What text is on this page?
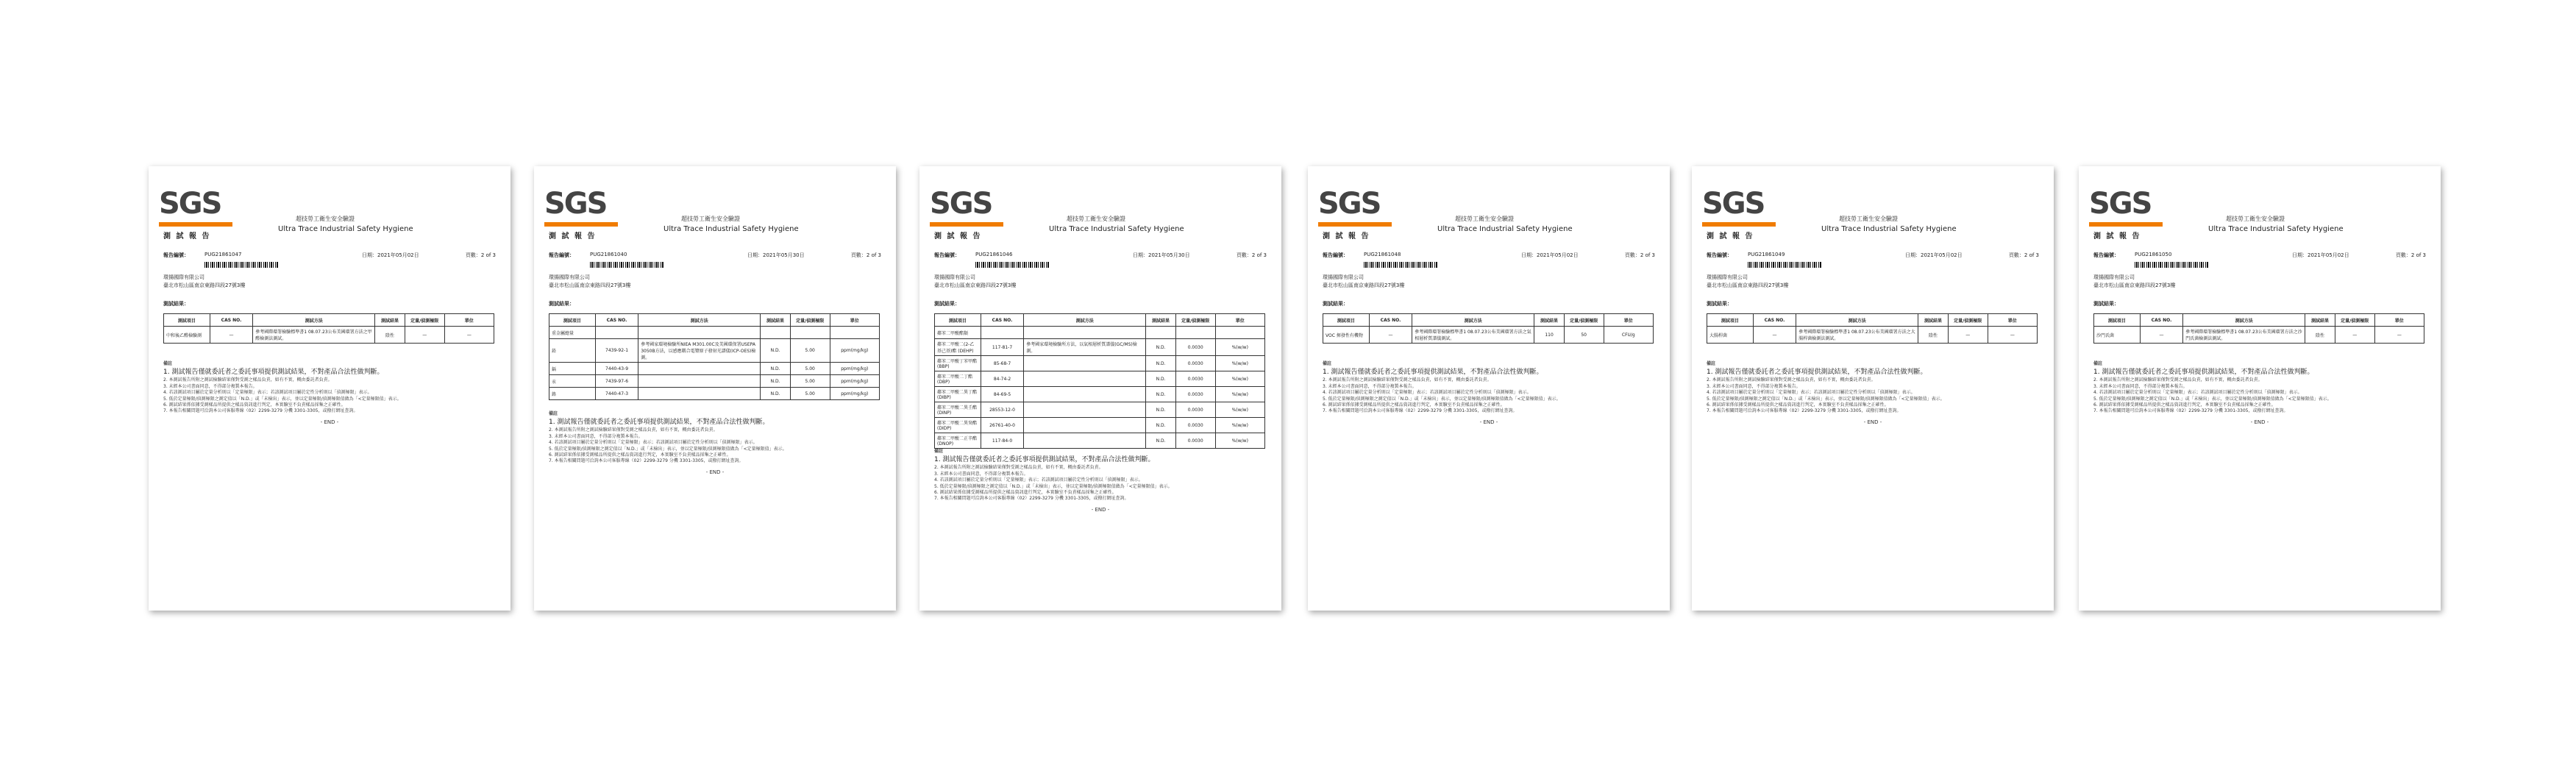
SGS	超技勞工衛生安全驗證
Ultra Trace Industrial Safety Hygiene
測 試 報 告
報告編號：	PUG21861047	日期：2021年05月02日	頁數：2 of 3
環揚國際有限公司
臺北市松山區南京東路四段27號3樓
測試結果：
測試項目	CAS NO.	測試方法	測試結果	定量/偵測極限	單位
中和後乙醛檢驗測	—	參考國際環署檢驗標準書1 08.07.23公布美國環署方法之甲醛檢測法測試。	陰性	—	—
備註
1. 測試報告僅就委託者之委託事項提供測試結果，不對產品合法性做判斷。
2. 本測試報告所附之測試檢驗結果僅對受測之樣品負責，如有不實，概由委託者負責。
3. 未經本公司書面同意，不得部分複製本報告。
4. 若該測試項目屬於定量分析則以「定量極限」表示；若該測試項目屬於定性分析則以「偵測極限」表示。
5. 低於定量極限/偵測極限之測定值以「N.D.」或「未檢出」表示，並以定量極限/偵測極限值做為「<定量極限值」表示。
6. 測試結果係依據受測樣品所提供之樣品資訊進行判定，本實驗室不負責樣品採集之正確性。
7. 本報告相關問題可洽詢本公司客服專線（02）2299-3279 分機 3301-3305，或撥打網址查詢。
- END -
SGS	超技勞工衛生安全驗證
Ultra Trace Industrial Safety Hygiene
測 試 報 告
報告編號：	PUG21861040	日期：2021年05月30日	頁數：2 of 3
環揚國際有限公司
臺北市松山區南京東路四段27號3樓
測試結果：
測試項目	CAS NO.	測試方法	測試結果	定量/偵測極限	單位
重金屬總量					
鉛	7439-92-1	參考國家環境檢驗所NIEA M301.00C及美國環保署USEPA 3050B方法，以感應耦合電漿原子發射光譜儀(ICP-OES)檢測。	N.D.	5.00	ppm(mg/kg)
鎘	7440-43-9		N.D.	5.00	ppm(mg/kg)
汞	7439-97-6		N.D.	5.00	ppm(mg/kg)
鉻	7440-47-3		N.D.	5.00	ppm(mg/kg)
備註
1. 測試報告僅就委託者之委託事項提供測試結果，不對產品合法性做判斷。
2. 本測試報告所附之測試檢驗結果僅對受測之樣品負責，如有不實，概由委託者負責。
3. 未經本公司書面同意，不得部分複製本報告。
4. 若該測試項目屬於定量分析則以「定量極限」表示；若該測試項目屬於定性分析則以「偵測極限」表示。
5. 低於定量極限/偵測極限之測定值以「N.D.」或「未檢出」表示，並以定量極限/偵測極限值做為「<定量極限值」表示。
6. 測試結果係依據受測樣品所提供之樣品資訊進行判定，本實驗室不負責樣品採集之正確性。
7. 本報告相關問題可洽詢本公司客服專線（02）2299-3279 分機 3301-3305，或撥打網址查詢。
- END -
SGS	超技勞工衛生安全驗證
Ultra Trace Industrial Safety Hygiene
測 試 報 告
報告編號：	PUG21861046	日期：2021年05月30日	頁數：2 of 3
環揚國際有限公司
臺北市松山區南京東路四段27號3樓
測試結果：
測試項目	CAS NO.	測試方法	測試結果	定量/偵測極限	單位
鄰苯二甲酸酯類					
鄰苯二甲酸二(2-乙基己基)酯 (DEHP)	117-81-7	參考國家環境檢驗所方法，以氣相層析質譜儀(GC/MS)檢測。	N.D.	0.0030	%(w/w)
鄰苯二甲酸丁苯甲酯 (BBP)	85-68-7		N.D.	0.0030	%(w/w)
鄰苯二甲酸二丁酯 (DBP)	84-74-2		N.D.	0.0030	%(w/w)
鄰苯二甲酸二異丁酯 (DIBP)	84-69-5		N.D.	0.0030	%(w/w)
鄰苯二甲酸二異壬酯 (DINP)	28553-12-0		N.D.	0.0030	%(w/w)
鄰苯二甲酸二異癸酯 (DIDP)	26761-40-0		N.D.	0.0030	%(w/w)
鄰苯二甲酸二正辛酯 (DNOP)	117-84-0		N.D.	0.0030	%(w/w)
備註
1. 測試報告僅就委託者之委託事項提供測試結果，不對產品合法性做判斷。
2. 本測試報告所附之測試檢驗結果僅對受測之樣品負責，如有不實，概由委託者負責。
3. 未經本公司書面同意，不得部分複製本報告。
4. 若該測試項目屬於定量分析則以「定量極限」表示；若該測試項目屬於定性分析則以「偵測極限」表示。
5. 低於定量極限/偵測極限之測定值以「N.D.」或「未檢出」表示，並以定量極限/偵測極限值做為「<定量極限值」表示。
6. 測試結果係依據受測樣品所提供之樣品資訊進行判定，本實驗室不負責樣品採集之正確性。
7. 本報告相關問題可洽詢本公司客服專線（02）2299-3279 分機 3301-3305，或撥打網址查詢。
- END -
SGS	超技勞工衛生安全驗證
Ultra Trace Industrial Safety Hygiene
測 試 報 告
報告編號：	PUG21861048	日期：2021年05月02日	頁數：2 of 3
環揚國際有限公司
臺北市松山區南京東路四段27號3樓
測試結果：
測試項目	CAS NO.	測試方法	測試結果	定量/偵測極限	單位
VOC 揮發性有機物	—	參考國際環署檢驗標準書1 08.07.23公布美國環署方法之氣相層析質譜儀測試。	110	50	CFU/g
備註
1. 測試報告僅就委託者之委託事項提供測試結果，不對產品合法性做判斷。
2. 本測試報告所附之測試檢驗結果僅對受測之樣品負責，如有不實，概由委託者負責。
3. 未經本公司書面同意，不得部分複製本報告。
4. 若該測試項目屬於定量分析則以「定量極限」表示；若該測試項目屬於定性分析則以「偵測極限」表示。
5. 低於定量極限/偵測極限之測定值以「N.D.」或「未檢出」表示，並以定量極限/偵測極限值做為「<定量極限值」表示。
6. 測試結果係依據受測樣品所提供之樣品資訊進行判定，本實驗室不負責樣品採集之正確性。
7. 本報告相關問題可洽詢本公司客服專線（02）2299-3279 分機 3301-3305，或撥打網址查詢。
- END -
SGS	超技勞工衛生安全驗證
Ultra Trace Industrial Safety Hygiene
測 試 報 告
報告編號：	PUG21861049	日期：2021年05月02日	頁數：2 of 3
環揚國際有限公司
臺北市松山區南京東路四段27號3樓
測試結果：
測試項目	CAS NO.	測試方法	測試結果	定量/偵測極限	單位
大腸桿菌	—	參考國際環署檢驗標準書1 08.07.23公布美國環署方法之大腸桿菌檢測法測試。	陰性	—	—
備註
1. 測試報告僅就委託者之委託事項提供測試結果，不對產品合法性做判斷。
2. 本測試報告所附之測試檢驗結果僅對受測之樣品負責，如有不實，概由委託者負責。
3. 未經本公司書面同意，不得部分複製本報告。
4. 若該測試項目屬於定量分析則以「定量極限」表示；若該測試項目屬於定性分析則以「偵測極限」表示。
5. 低於定量極限/偵測極限之測定值以「N.D.」或「未檢出」表示，並以定量極限/偵測極限值做為「<定量極限值」表示。
6. 測試結果係依據受測樣品所提供之樣品資訊進行判定，本實驗室不負責樣品採集之正確性。
7. 本報告相關問題可洽詢本公司客服專線（02）2299-3279 分機 3301-3305，或撥打網址查詢。
- END -
SGS	超技勞工衛生安全驗證
Ultra Trace Industrial Safety Hygiene
測 試 報 告
報告編號：	PUG21861050	日期：2021年05月02日	頁數：2 of 3
環揚國際有限公司
臺北市松山區南京東路四段27號3樓
測試結果：
測試項目	CAS NO.	測試方法	測試結果	定量/偵測極限	單位
沙門氏菌	—	參考國際環署檢驗標準書1 08.07.23公布美國環署方法之沙門氏菌檢測法測試。	陰性	—	—
備註
1. 測試報告僅就委託者之委託事項提供測試結果，不對產品合法性做判斷。
2. 本測試報告所附之測試檢驗結果僅對受測之樣品負責，如有不實，概由委託者負責。
3. 未經本公司書面同意，不得部分複製本報告。
4. 若該測試項目屬於定量分析則以「定量極限」表示；若該測試項目屬於定性分析則以「偵測極限」表示。
5. 低於定量極限/偵測極限之測定值以「N.D.」或「未檢出」表示，並以定量極限/偵測極限值做為「<定量極限值」表示。
6. 測試結果係依據受測樣品所提供之樣品資訊進行判定，本實驗室不負責樣品採集之正確性。
7. 本報告相關問題可洽詢本公司客服專線（02）2299-3279 分機 3301-3305，或撥打網址查詢。
- END -
